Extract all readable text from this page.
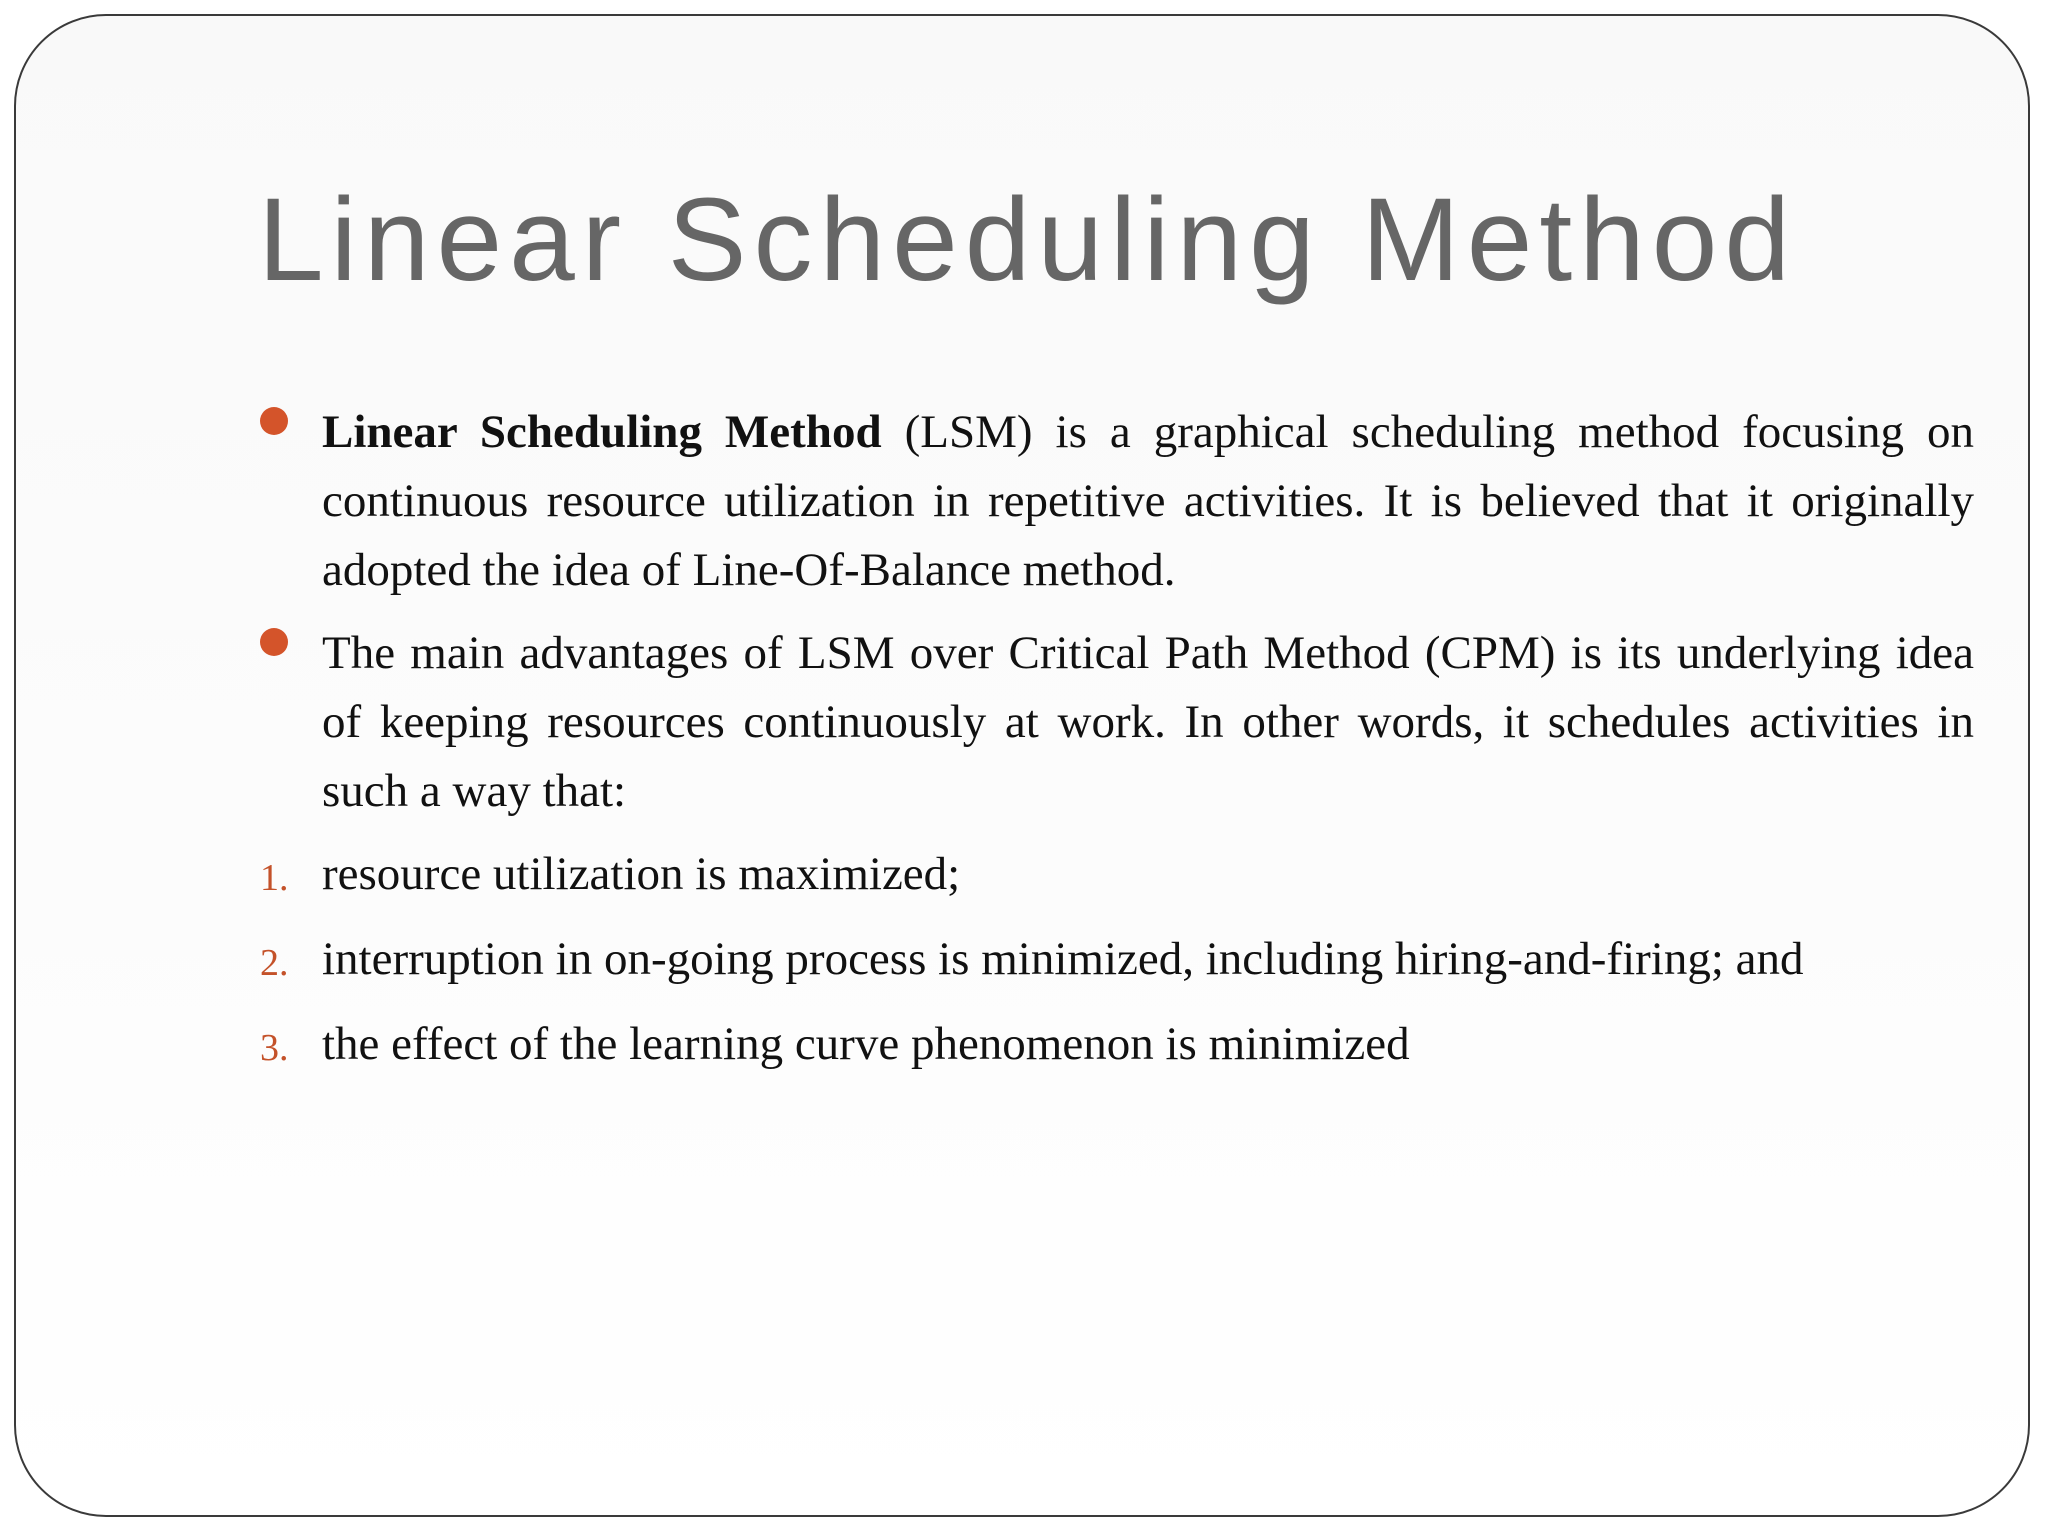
Linear Scheduling Method
Linear Scheduling Method (LSM) is a graphical scheduling method focusing on continuous resource utilization in repetitive activities. It is believed that it originally adopted the idea of Line-Of-Balance method.
The main advantages of LSM over Critical Path Method (CPM) is its underlying idea of keeping resources continuously at work. In other words, it schedules activities in such a way that:
1. resource utilization is maximized;
2. interruption in on-going process is minimized, including hiring-and-firing; and
3. the effect of the learning curve phenomenon is minimized
